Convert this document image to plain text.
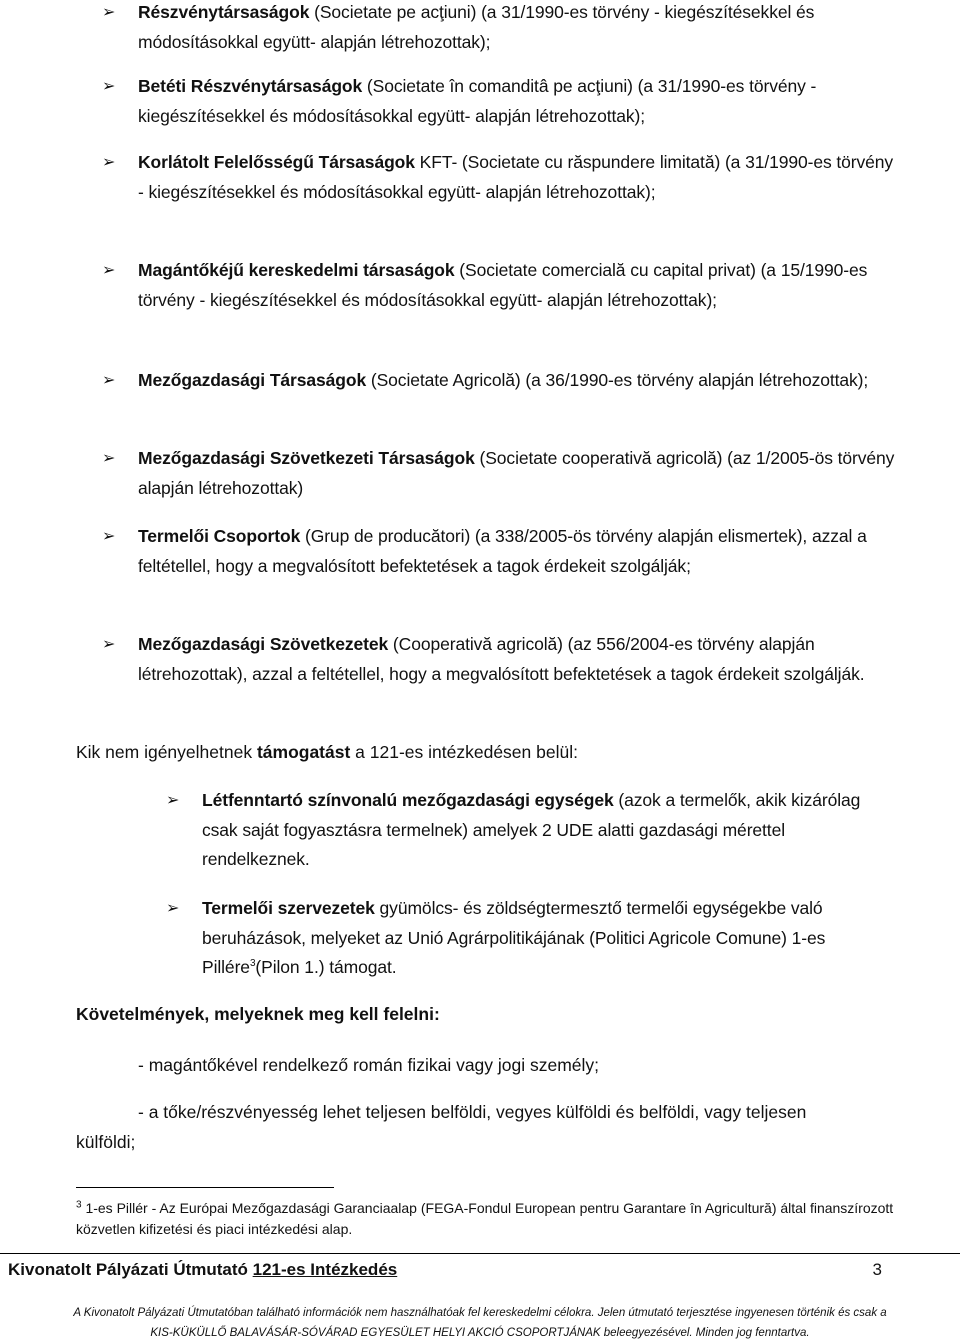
➢ Részvénytársaságok (Societate pe acţiuni) (a 31/1990-es törvény - kiegészítésekkel és módosításokkal együtt- alapján létrehozottak);
➢ Betéti Részvénytársaságok (Societate în comanditâ pe acţiuni) (a 31/1990-es törvény - kiegészítésekkel és módosításokkal együtt- alapján létrehozottak);
➢ Korlátolt Felelősségű Társaságok KFT- (Societate cu răspundere limitată) (a 31/1990-es törvény - kiegészítésekkel és módosításokkal együtt- alapján létrehozottak);
➢ Magántőkéjű kereskedelmi társaságok (Societate comercială cu capital privat) (a 15/1990-es törvény - kiegészítésekkel és módosításokkal együtt- alapján létrehozottak);
➢ Mezőgazdasági Társaságok (Societate Agricolă) (a 36/1990-es törvény alapján létrehozottak);
➢ Mezőgazdasági Szövetkezeti Társaságok (Societate cooperativă agricolă) (az 1/2005-ös törvény alapján létrehozottak)
➢ Termelői Csoportok (Grup de producători) (a 338/2005-ös törvény alapján elismertek), azzal a feltétellel, hogy a megvalósított befektetések a tagok érdekeit szolgálják;
➢ Mezőgazdasági Szövetkezetek (Cooperativă agricolă) (az 556/2004-es törvény alapján létrehozottak), azzal a feltétellel, hogy a megvalósított befektetések a tagok érdekeit szolgálják.
Kik nem igényelhetnek támogatást a 121-es intézkedésen belül:
➢ Létfenntartó színvonalú mezőgazdasági egységek (azok a termelők, akik kizárólag csak saját fogyasztásra termelnek) amelyek 2 UDE alatti gazdasági mérettel rendelkeznek.
➢ Termelői szervezetek gyümölcs- és zöldségtermesztő termelői egységekbe való beruházások, melyeket az Unió Agrárpolitikájának (Politici Agricole Comune) 1-es Pillére$^3$(Pilon 1.) támogat.
Követelmények, melyeknek meg kell felelni:
- magántőkével rendelkező román fizikai vagy jogi személy;
- a tőke/részvényesség lehet teljesen belföldi, vegyes külföldi és belföldi, vagy teljesen külföldi;
$^3$ 1-es Pillér - Az Európai Mezőgazdasági Garanciaalap (FEGA-Fondul European pentru Garantare în Agricultură) által finanszírozott közvetlen kifizetési és piaci intézkedési alap.
Kivonatolt Pályázati Útmutató 121-es Intézkedés	3
A Kivonatolt Pályázati Útmutatóban található információk nem használhatóak fel kereskedelmi célokra. Jelen útmutató terjesztése ingyenesen történik és csak a
KIS-KÜKÜLLŐ BALAVÁSÁR-SÓVÁRAD EGYESÜLET HELYI AKCIÓ CSOPORTJÁNAK beleegyezésével. Minden jog fenntartva.
